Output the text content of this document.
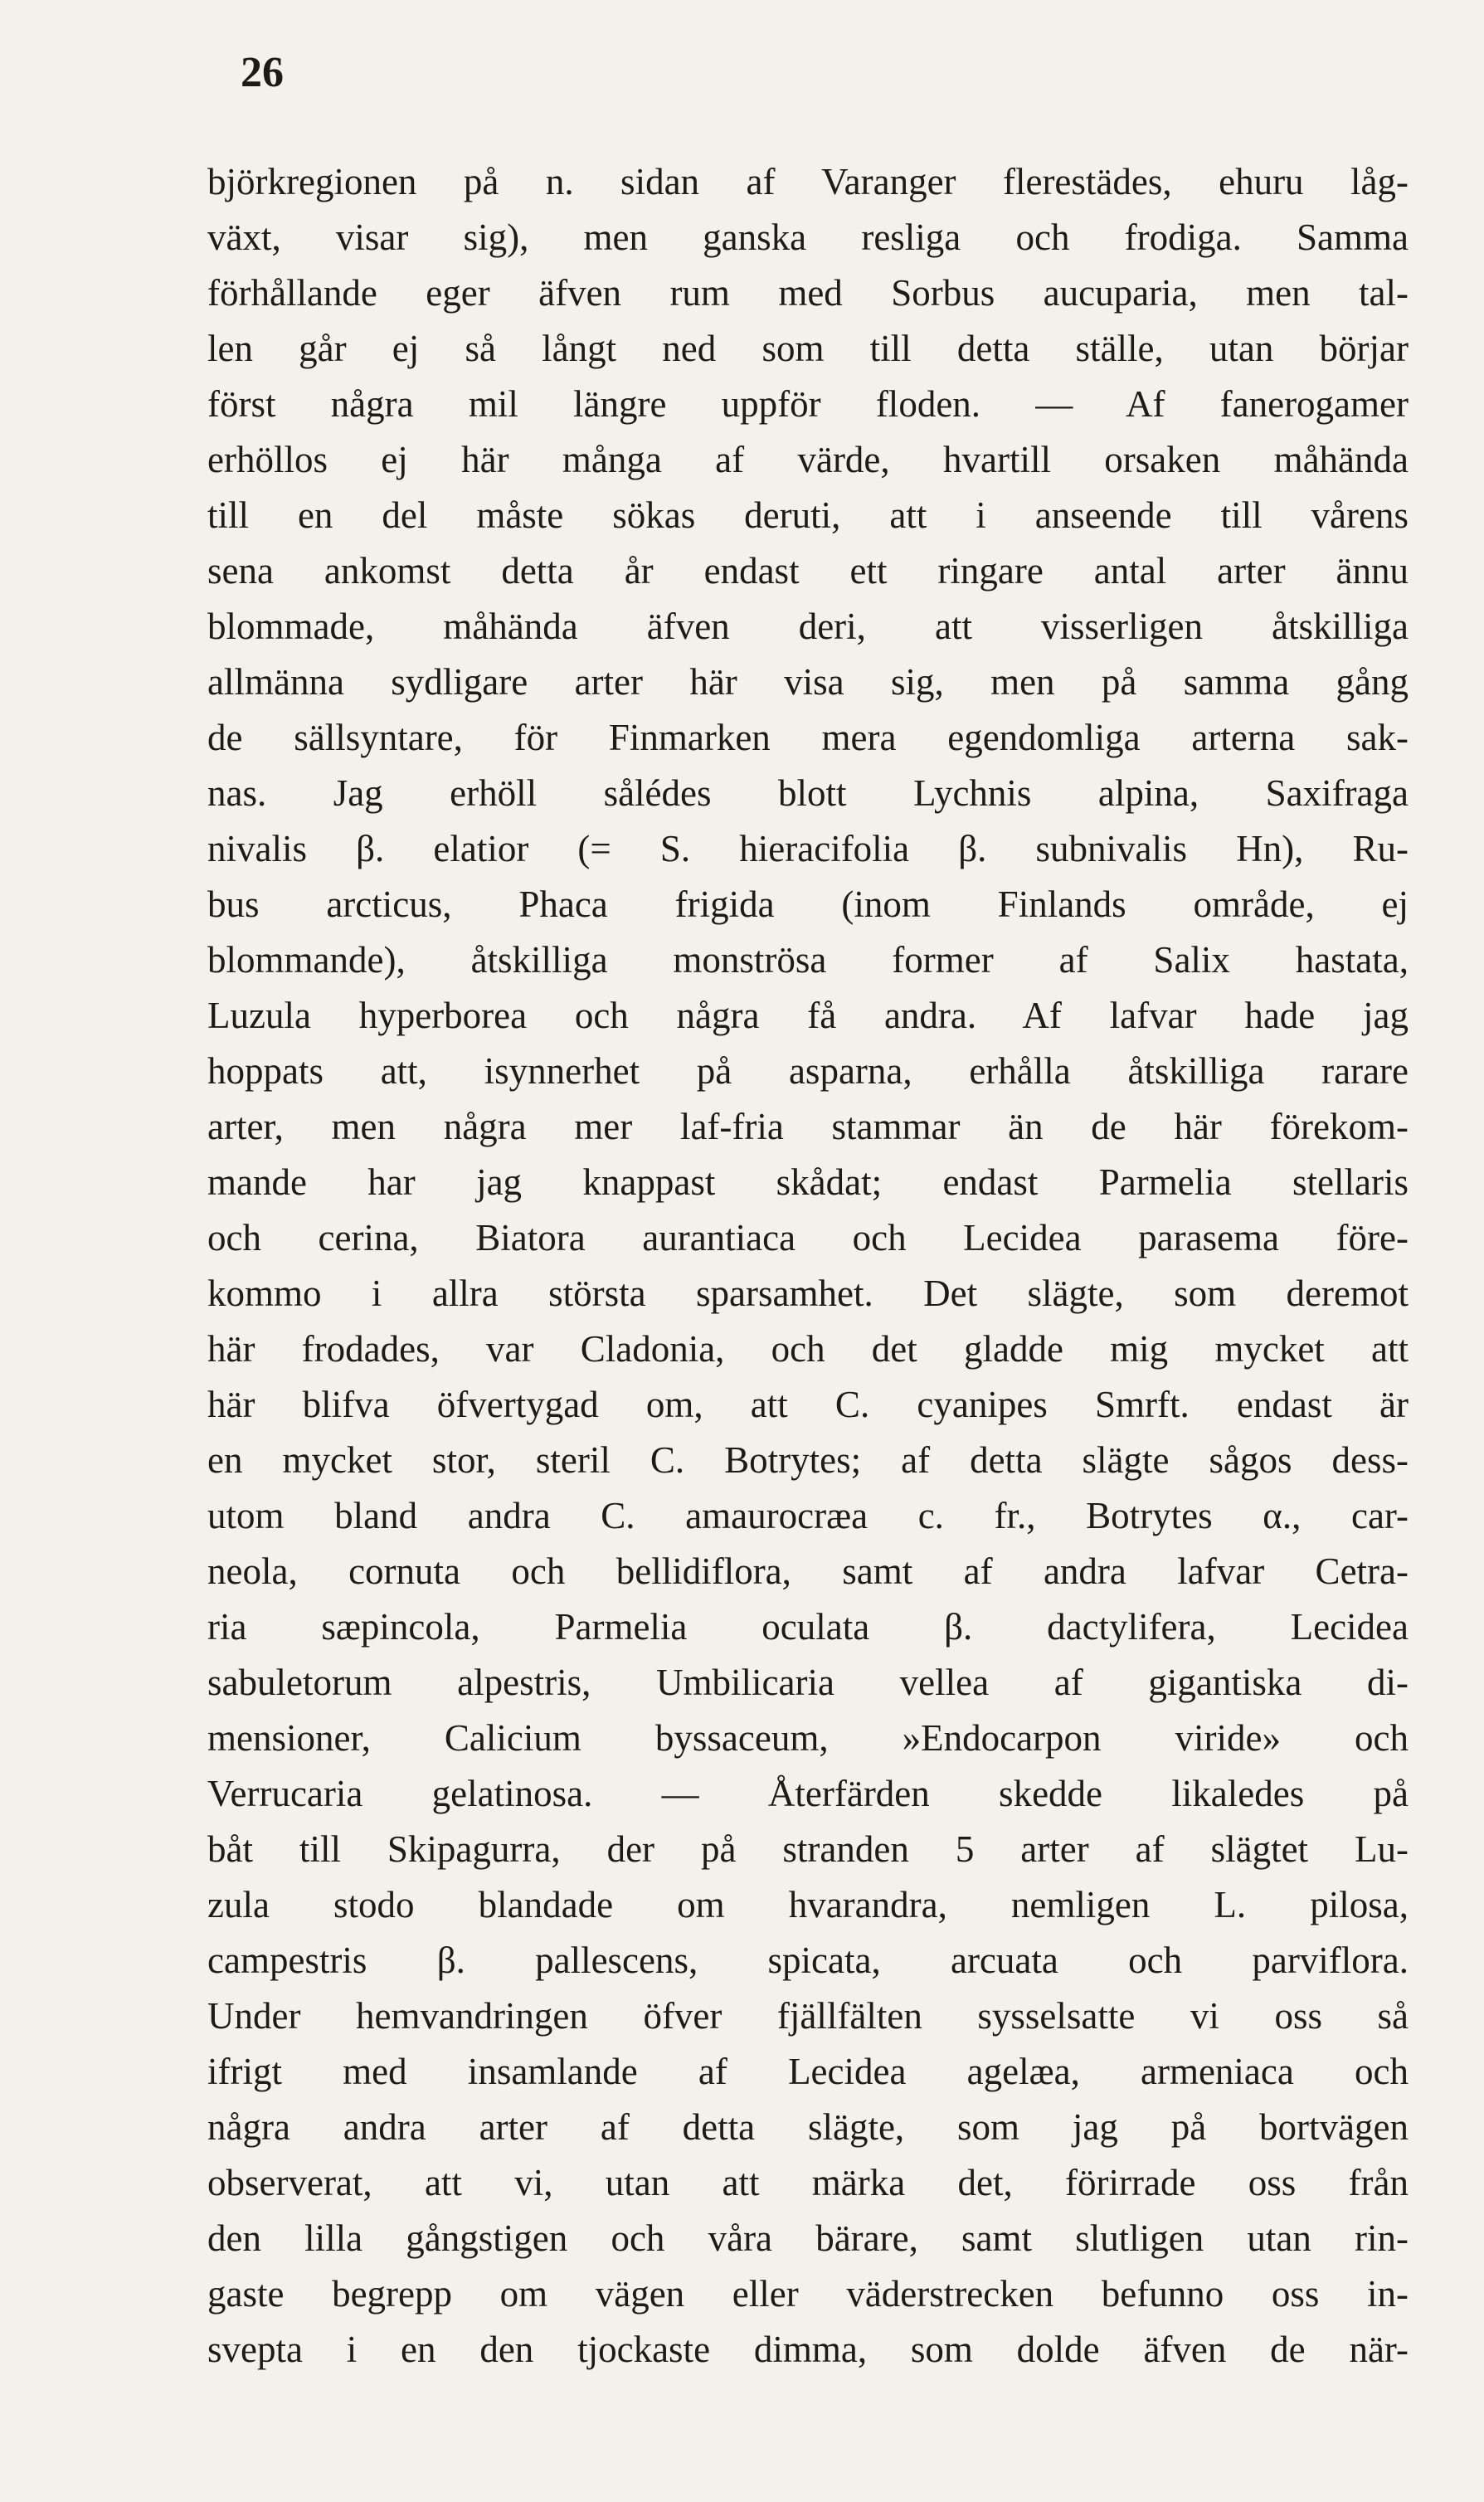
26
björkregionen på n. sidan af Varanger flerestädes, ehuru låg-
växt, visar sig), men ganska resliga och frodiga. Samma
förhållande eger äfven rum med Sorbus aucuparia, men tal-
len går ej så långt ned som till detta ställe, utan börjar
först några mil längre uppför floden. — Af fanerogamer
erhöllos ej här många af värde, hvartill orsaken måhända
till en del måste sökas deruti, att i anseende till vårens
sena ankomst detta år endast ett ringare antal arter ännu
blommade, måhända äfven deri, att visserligen åtskilliga
allmänna sydligare arter här visa sig, men på samma gång
de sällsyntare, för Finmarken mera egendomliga arterna sak-
nas. Jag erhöll sålédes blott Lychnis alpina, Saxifraga
nivalis β. elatior (= S. hieracifolia β. subnivalis Hn), Ru-
bus arcticus, Phaca frigida (inom Finlands område, ej
blommande), åtskilliga monströsa former af Salix hastata,
Luzula hyperborea och några få andra. Af lafvar hade jag
hoppats att, isynnerhet på asparna, erhålla åtskilliga rarare
arter, men några mer laf-fria stammar än de här förekom-
mande har jag knappast skådat; endast Parmelia stellaris
och cerina, Biatora aurantiaca och Lecidea parasema före-
kommo i allra största sparsamhet. Det slägte, som deremot
här frodades, var Cladonia, och det gladde mig mycket att
här blifva öfvertygad om, att C. cyanipes Smrft. endast är
en mycket stor, steril C. Botrytes; af detta slägte sågos dess-
utom bland andra C. amaurocræa c. fr., Botrytes α., car-
neola, cornuta och bellidiflora, samt af andra lafvar Cetra-
ria sæpincola, Parmelia oculata β. dactylifera, Lecidea
sabuletorum alpestris, Umbilicaria vellea af gigantiska di-
mensioner, Calicium byssaceum, »Endocarpon viride» och
Verrucaria gelatinosa. — Återfärden skedde likaledes på
båt till Skipagurra, der på stranden 5 arter af slägtet Lu-
zula stodo blandade om hvarandra, nemligen L. pilosa,
campestris β. pallescens, spicata, arcuata och parviflora.
Under hemvandringen öfver fjällfälten sysselsatte vi oss så
ifrigt med insamlande af Lecidea agelæa, armeniaca och
några andra arter af detta slägte, som jag på bortvägen
observerat, att vi, utan att märka det, förirrade oss från
den lilla gångstigen och våra bärare, samt slutligen utan rin-
gaste begrepp om vägen eller väderstrecken befunno oss in-
svepta i en den tjockaste dimma, som dolde äfven de när-
